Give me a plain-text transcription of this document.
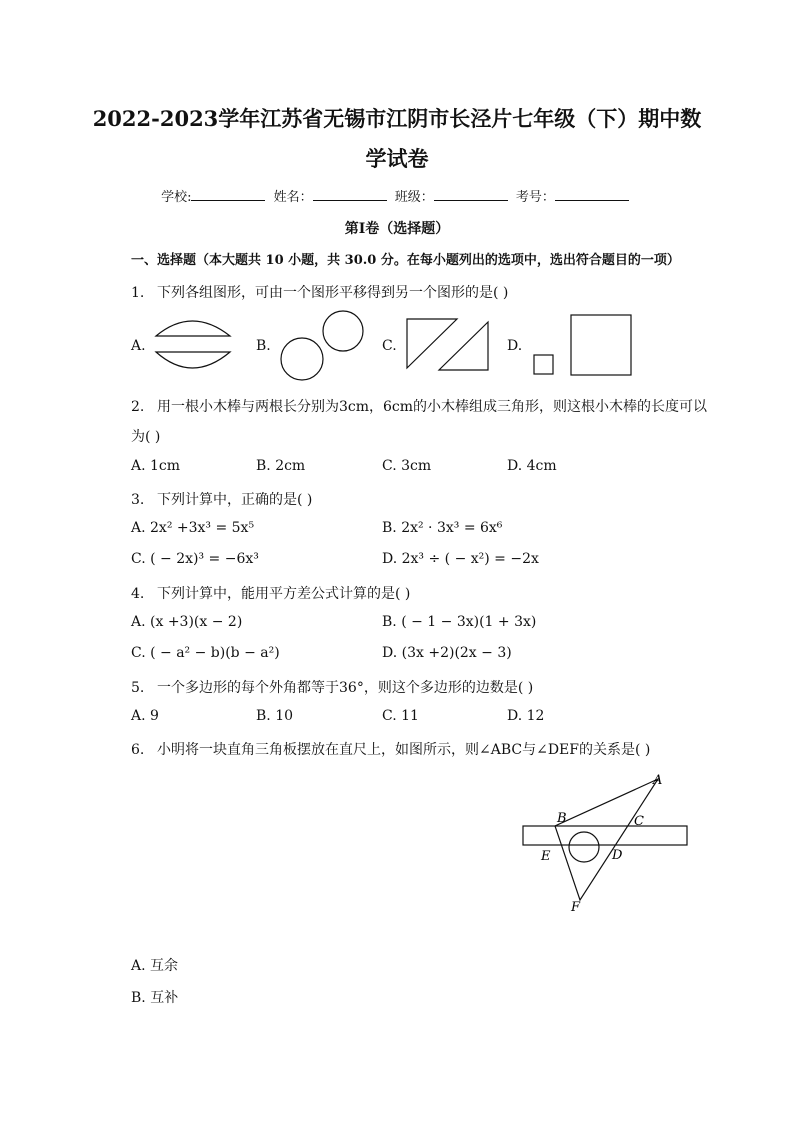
2022-2023学年江苏省无锡市江阴市长泾片七年级（下）期中数
学试卷
学校:	姓名：	班级：	考号：
第Ⅰ卷（选择题）
一、选择题（本大题共 10 小题，共 30.0 分。在每小题列出的选项中，选出符合题目的一项）
1. 下列各组图形，可由一个图形平移得到另一个图形的是( )
A.	B.	C.	D.
2. 用一根小木棒与两根长分别为3cm，6cm的小木棒组成三角形，则这根小木棒的长度可以
为( )
A. 1cm	B. 2cm	C. 3cm	D. 4cm
3. 下列计算中，正确的是( )
A. 2x² +3x³ = 5x⁵	B. 2x² · 3x³ = 6x⁶
C. ( − 2x)³ = −6x³	D. 2x³ ÷ ( − x²) = −2x
4. 下列计算中，能用平方差公式计算的是( )
A. (x +3)(x − 2)	B. ( − 1 − 3x)(1 + 3x)
C. ( − a² − b)(b − a²)	D. (3x +2)(2x − 3)
5. 一个多边形的每个外角都等于36°，则这个多边形的边数是( )
A. 9	B. 10	C. 11	D. 12
6. 小明将一块直角三角板摆放在直尺上，如图所示，则∠ABC与∠DEF的关系是( )
A
B	C
D
E
F
A. 互余
B. 互补
